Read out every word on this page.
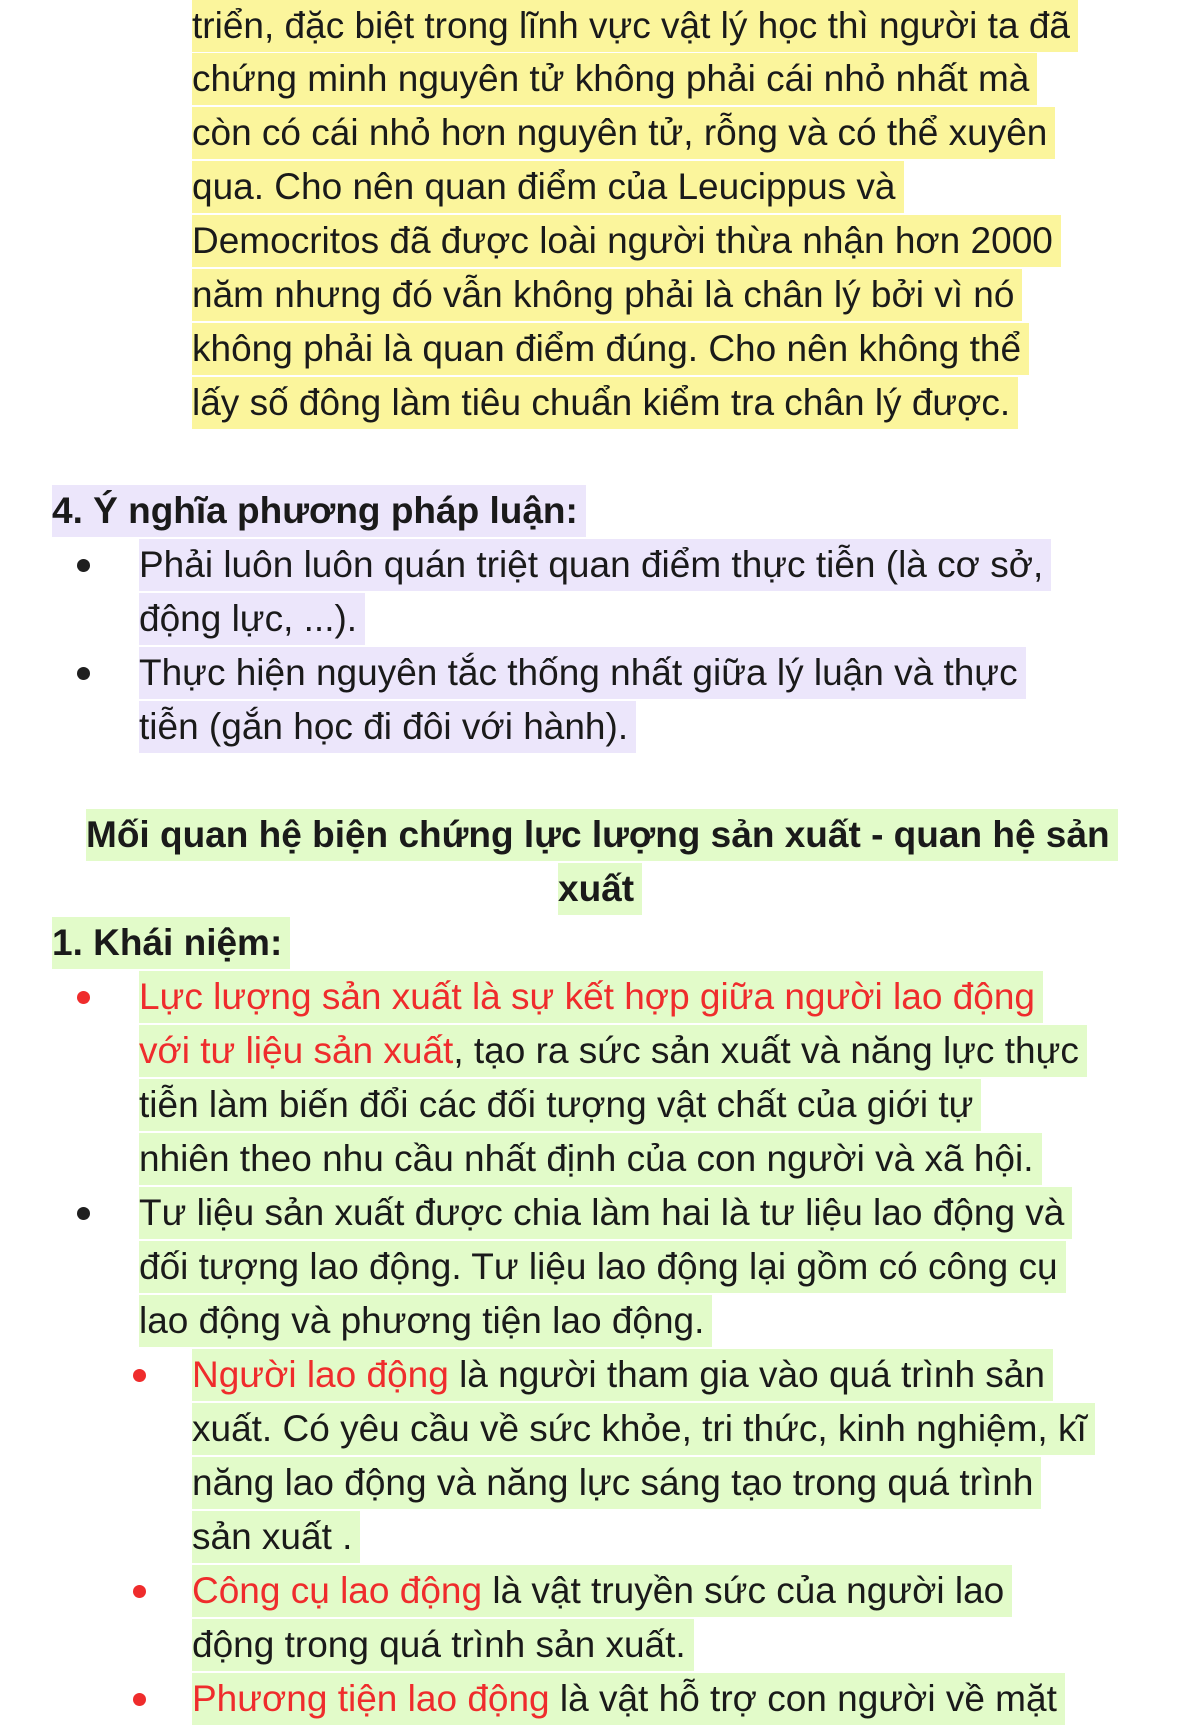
triển, đặc biệt trong lĩnh vực vật lý học thì người ta đã
chứng minh nguyên tử không phải cái nhỏ nhất mà
còn có cái nhỏ hơn nguyên tử, rỗng và có thể xuyên
qua. Cho nên quan điểm của Leucippus và
Democritos đã được loài người thừa nhận hơn 2000
năm nhưng đó vẫn không phải là chân lý bởi vì nó
không phải là quan điểm đúng. Cho nên không thể
lấy số đông làm tiêu chuẩn kiểm tra chân lý được.
4. Ý nghĩa phương pháp luận:
Phải luôn luôn quán triệt quan điểm thực tiễn (là cơ sở,
động lực, ...).
Thực hiện nguyên tắc thống nhất giữa lý luận và thực
tiễn (gắn học đi đôi với hành).
Mối quan hệ biện chứng lực lượng sản xuất - quan hệ sản
xuất
1. Khái niệm:
Lực lượng sản xuất là sự kết hợp giữa người lao động
với tư liệu sản xuất, tạo ra sức sản xuất và năng lực thực
tiễn làm biến đổi các đối tượng vật chất của giới tự
nhiên theo nhu cầu nhất định của con người và xã hội.
Tư liệu sản xuất được chia làm hai là tư liệu lao động và
đối tượng lao động. Tư liệu lao động lại gồm có công cụ
lao động và phương tiện lao động.
Người lao động là người tham gia vào quá trình sản
xuất. Có yêu cầu về sức khỏe, tri thức, kinh nghiệm, kĩ
năng lao động và năng lực sáng tạo trong quá trình
sản xuất .
Công cụ lao động là vật truyền sức của người lao
động trong quá trình sản xuất.
Phương tiện lao động là vật hỗ trợ con người về mặt
